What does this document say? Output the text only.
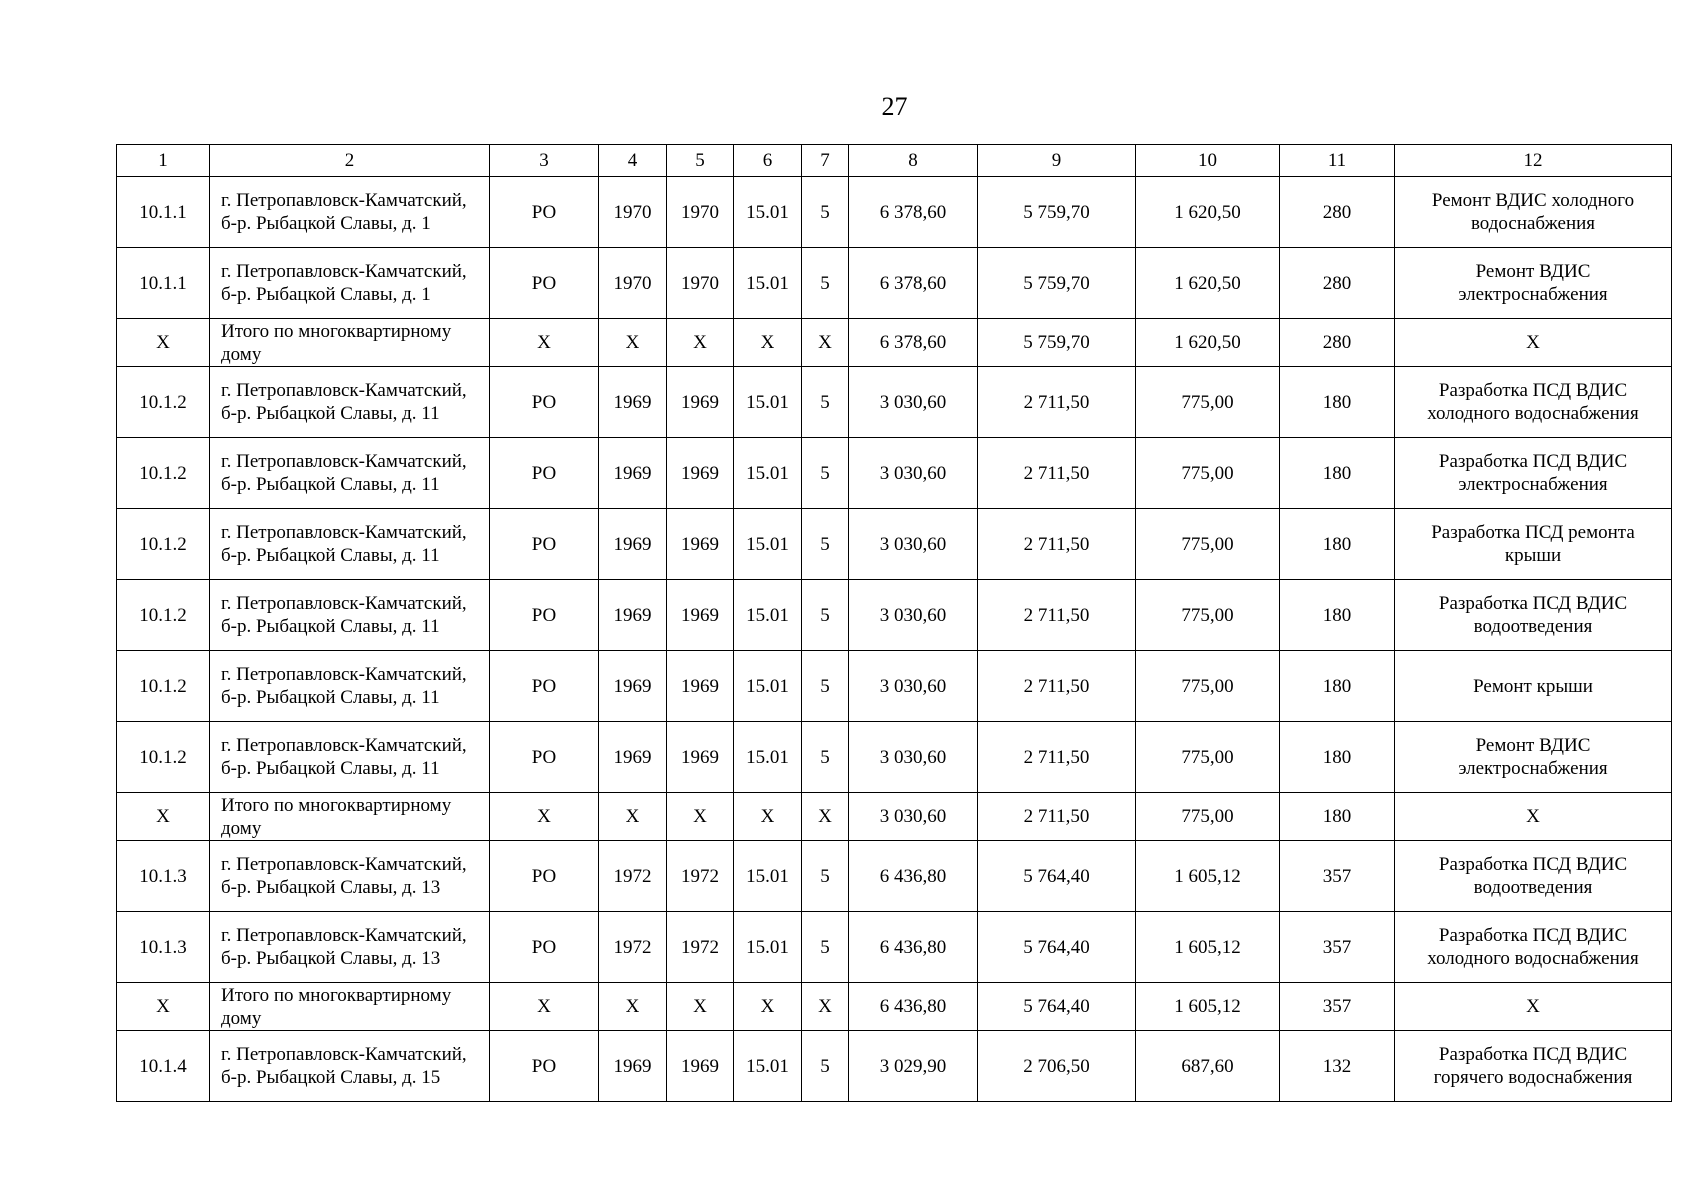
27
1	2	3	4	5	6	7	8	9	10	11	12
10.1.1	г. Петропавловск-Камчатский, б-р. Рыбацкой Славы, д. 1	РО	1970	1970	15.01	5	6 378,60	5 759,70	1 620,50	280	Ремонт ВДИС холодного водоснабжения
10.1.1	г. Петропавловск-Камчатский, б-р. Рыбацкой Славы, д. 1	РО	1970	1970	15.01	5	6 378,60	5 759,70	1 620,50	280	Ремонт ВДИС электроснабжения
X	Итого по многоквартирному дому	X	X	X	X	X	6 378,60	5 759,70	1 620,50	280	X
10.1.2	г. Петропавловск-Камчатский, б-р. Рыбацкой Славы, д. 11	РО	1969	1969	15.01	5	3 030,60	2 711,50	775,00	180	Разработка ПСД ВДИС холодного водоснабжения
10.1.2	г. Петропавловск-Камчатский, б-р. Рыбацкой Славы, д. 11	РО	1969	1969	15.01	5	3 030,60	2 711,50	775,00	180	Разработка ПСД ВДИС электроснабжения
10.1.2	г. Петропавловск-Камчатский, б-р. Рыбацкой Славы, д. 11	РО	1969	1969	15.01	5	3 030,60	2 711,50	775,00	180	Разработка ПСД ремонта крыши
10.1.2	г. Петропавловск-Камчатский, б-р. Рыбацкой Славы, д. 11	РО	1969	1969	15.01	5	3 030,60	2 711,50	775,00	180	Разработка ПСД ВДИС водоотведения
10.1.2	г. Петропавловск-Камчатский, б-р. Рыбацкой Славы, д. 11	РО	1969	1969	15.01	5	3 030,60	2 711,50	775,00	180	Ремонт крыши
10.1.2	г. Петропавловск-Камчатский, б-р. Рыбацкой Славы, д. 11	РО	1969	1969	15.01	5	3 030,60	2 711,50	775,00	180	Ремонт ВДИС электроснабжения
X	Итого по многоквартирному дому	X	X	X	X	X	3 030,60	2 711,50	775,00	180	X
10.1.3	г. Петропавловск-Камчатский, б-р. Рыбацкой Славы, д. 13	РО	1972	1972	15.01	5	6 436,80	5 764,40	1 605,12	357	Разработка ПСД ВДИС водоотведения
10.1.3	г. Петропавловск-Камчатский, б-р. Рыбацкой Славы, д. 13	РО	1972	1972	15.01	5	6 436,80	5 764,40	1 605,12	357	Разработка ПСД ВДИС холодного водоснабжения
X	Итого по многоквартирному дому	X	X	X	X	X	6 436,80	5 764,40	1 605,12	357	X
10.1.4	г. Петропавловск-Камчатский, б-р. Рыбацкой Славы, д. 15	РО	1969	1969	15.01	5	3 029,90	2 706,50	687,60	132	Разработка ПСД ВДИС горячего водоснабжения
